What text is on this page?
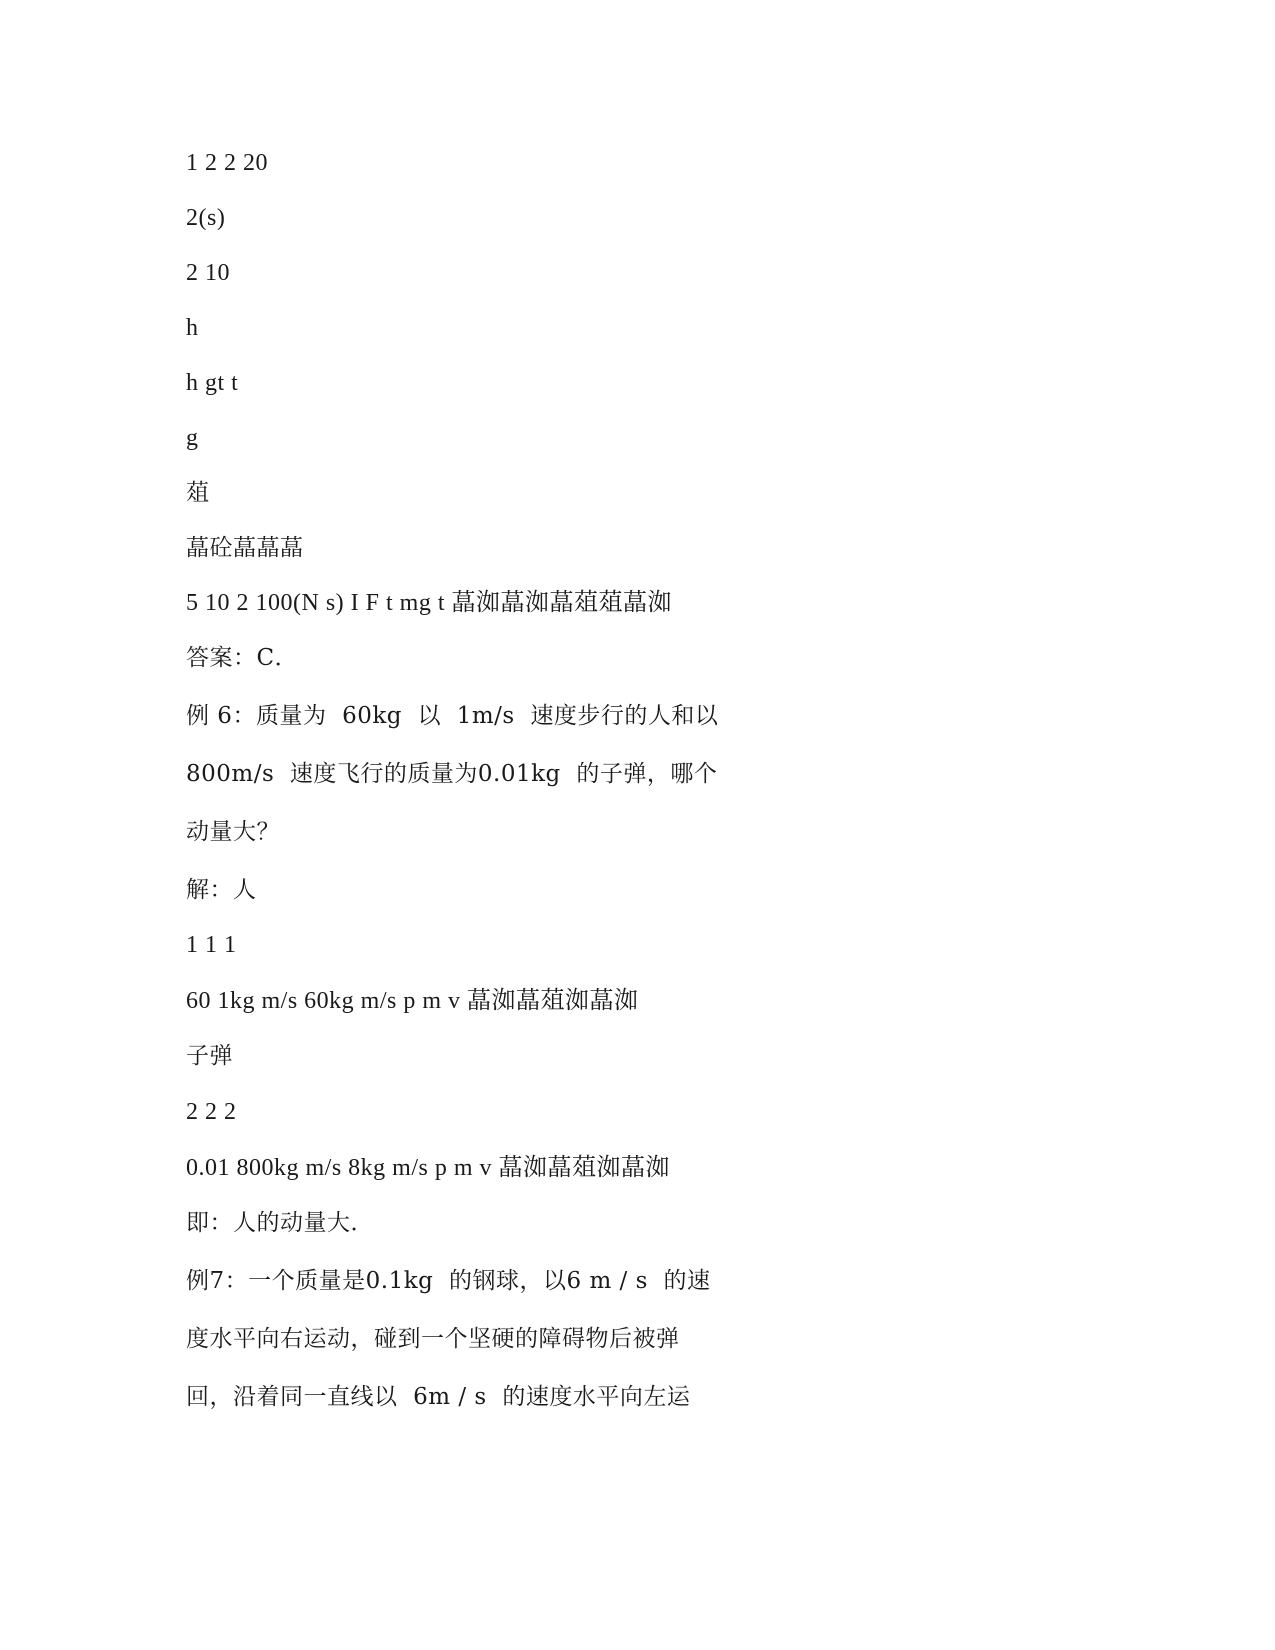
1 2 2 20
2(s)
2 10
h
h gt t
g
葅
蕌砼蕌蕌蕌
5 10 2 100(N s) I F t mg t 蕌洳蕌洳蕌葅葅蕌洳
答案：C．
例 6：质量为  60kg  以  1m/s  速度步行的人和以
800m/s  速度飞行的质量为0.01kg  的子弹，哪个
动量大？
解：人
1 1 1
60 1kg m/s 60kg m/s p m v 蕌洳蕌葅洳蕌洳
子弹
2 2 2
0.01 800kg m/s 8kg m/s p m v 蕌洳蕌葅洳蕌洳
即：人的动量大．
例7：一个质量是0.1kg  的钢球，以6 m / s  的速
度水平向右运动，碰到一个坚硬的障碍物后被弹
回，沿着同一直线以  6m / s  的速度水平向左运
